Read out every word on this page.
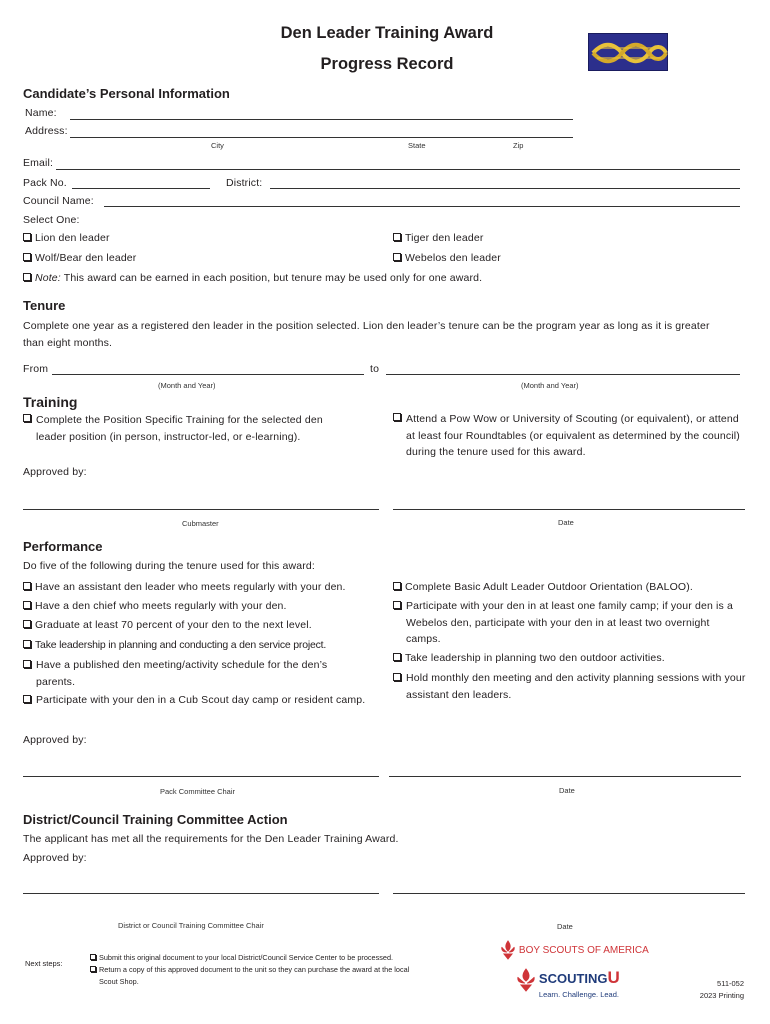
Den Leader Training Award
Progress Record
Candidate’s Personal Information
Name:
Address:
City	State	Zip
Email:
Pack No.	District:
Council Name:
Select One:
Lion den leader	Tiger den leader
Wolf/Bear den leader	Webelos den leader
Note: This award can be earned in each position, but tenure may be used only for one award.
Tenure
Complete one year as a registered den leader in the position selected. Lion den leader’s tenure can be the program year as long as it is greater than eight months.
From	to
(Month and Year)	(Month and Year)
Training
Complete the Position Specific Training for the selected den leader position (in person, instructor-led, or e-learning).
Attend a Pow Wow or University of Scouting (or equivalent), or attend at least four Roundtables (or equivalent as determined by the council) during the tenure used for this award.
Approved by:
Cubmaster	Date
Performance
Do five of the following during the tenure used for this award:
Have an assistant den leader who meets regularly with your den.
Have a den chief who meets regularly with your den.
Graduate at least 70 percent of your den to the next level.
Take leadership in planning and conducting a den service project.
Have a published den meeting/activity schedule for the den’s parents.
Participate with your den in a Cub Scout day camp or resident camp.
Complete Basic Adult Leader Outdoor Orientation (BALOO).
Participate with your den in at least one family camp; if your den is a Webelos den, participate with your den in at least two overnight camps.
Take leadership in planning two den outdoor activities.
Hold monthly den meeting and den activity planning sessions with your assistant den leaders.
Approved by:
Pack Committee Chair	Date
District/Council Training Committee Action
The applicant has met all the requirements for the Den Leader Training Award.
Approved by:
District or Council Training Committee Chair	Date
Next steps:
Submit this original document to your local District/Council Service Center to be processed.
Return a copy of this approved document to the unit so they can purchase the award at the local Scout Shop.
BOY SCOUTS OF AMERICA
SCOUTINGU
Learn. Challenge. Lead.
511-052
2023 Printing
